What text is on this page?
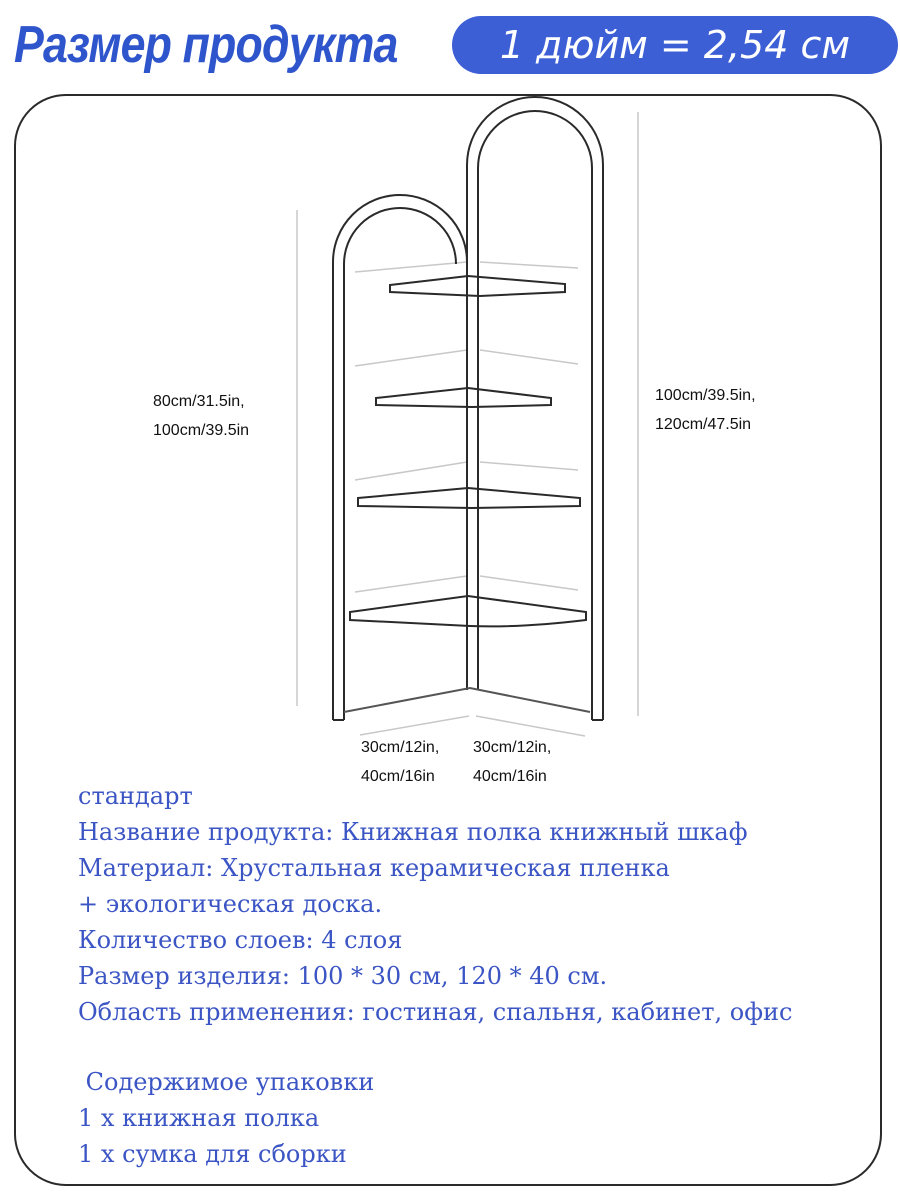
Размер продукта	1 дюйм = 2,54 см
80cm/31.5in,
100cm/39.5in
100cm/39.5in,
120cm/47.5in
30cm/12in,
40cm/16in
30cm/12in,
40cm/16in
стандарт
Название продукта: Книжная полка книжный шкаф
Материал: Хрустальная керамическая пленка
+ экологическая доска.
Количество слоев: 4 слоя
Размер изделия: 100 * 30 см, 120 * 40 см.
Область применения: гостиная, спальня, кабинет, офис
Содержимое упаковки
1 x книжная полка
1 x сумка для сборки
